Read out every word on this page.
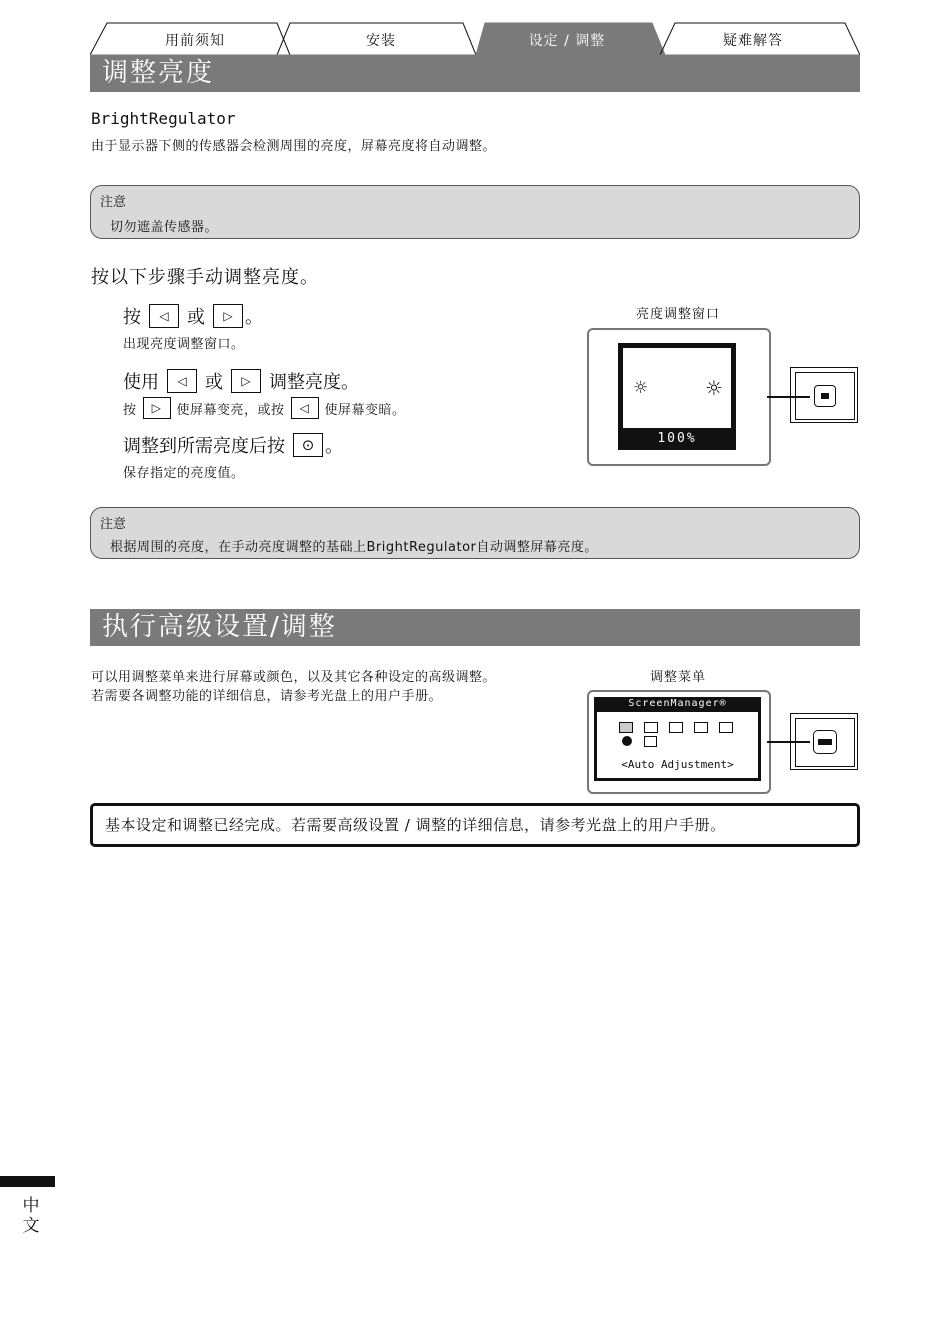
用前须知	安装	设定 / 调整	疑难解答
调整亮度
BrightRegulator
由于显示器下侧的传感器会检测周围的亮度，屏幕亮度将自动调整。
注意
切勿遮盖传感器。
按以下步骤手动调整亮度。
按 ◁ 或 ▷ 。
出现亮度调整窗口。
使用 ◁ 或 ▷ 调整亮度。
按 ▷ 使屏幕变亮，或按 ◁ 使屏幕变暗。
调整到所需亮度后按 ⊙ 。
保存指定的亮度值。
亮度调整窗口
☼	☼
100%
注意
根据周围的亮度，在手动亮度调整的基础上BrightRegulator自动调整屏幕亮度。
执行高级设置/调整
可以用调整菜单来进行屏幕或颜色，以及其它各种设定的高级调整。
若需要各调整功能的详细信息，请参考光盘上的用户手册。
调整菜单
ScreenManager®
<Auto Adjustment>
基本设定和调整已经完成。若需要高级设置 / 调整的详细信息，请参考光盘上的用户手册。
中文
